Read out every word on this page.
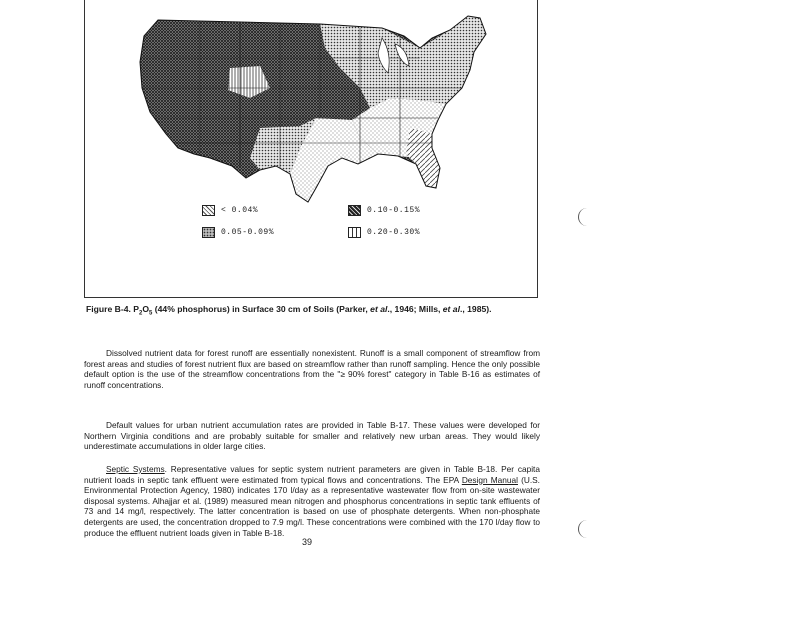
< 0.04%	0.10-0.15%
0.05-0.09%	0.20-0.30%
Figure B-4. $P_2O_5$ (44% phosphorus) in Surface 30 cm of Soils (Parker, et al., 1946; Mills, et al., 1985).

Dissolved nutrient data for forest runoff are essentially nonexistent. Runoff is a small component of streamflow from forest areas and studies of forest nutrient flux are based on streamflow rather than runoff sampling. Hence the only possible default option is the use of the streamflow concentrations from the "≥ 90% forest" category in Table B-16 as estimates of runoff concentrations.

Default values for urban nutrient accumulation rates are provided in Table B-17. These values were developed for Northern Virginia conditions and are probably suitable for smaller and relatively new urban areas. They would likely underestimate accumulations in older large cities.

Septic Systems. Representative values for septic system nutrient parameters are given in Table B-18. Per capita nutrient loads in septic tank effluent were estimated from typical flows and concentrations. The EPA Design Manual (U.S. Environmental Protection Agency, 1980) indicates 170 l/day as a representative wastewater flow from on-site wastewater disposal systems. Alhajjar et al. (1989) measured mean nitrogen and phosphorus concentrations in septic tank effluents of 73 and 14 mg/l, respectively. The latter concentration is based on use of phosphate detergents. When non-phosphate detergents are used, the concentration dropped to 7.9 mg/l. These concentrations were combined with the 170 l/day flow to produce the effluent nutrient loads given in Table B-18.

39
